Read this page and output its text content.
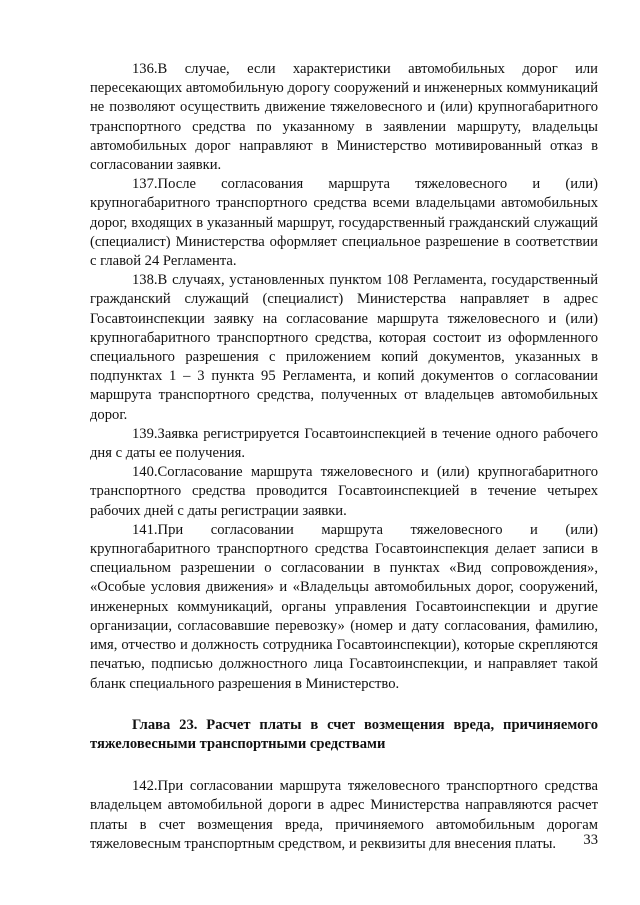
136.В случае, если характеристики автомобильных дорог или пересекающих автомобильную дорогу сооружений и инженерных коммуникаций не позволяют осуществить движение тяжеловесного и (или) крупногабаритного транспортного средства по указанному в заявлении маршруту, владельцы автомобильных дорог направляют в Министерство мотивированный отказ в согласовании заявки.

137.После согласования маршрута тяжеловесного и (или) крупногабаритного транспортного средства всеми владельцами автомобильных дорог, входящих в указанный маршрут, государственный гражданский служащий (специалист) Министерства оформляет специальное разрешение в соответствии с главой 24 Регламента.

138.В случаях, установленных пунктом 108 Регламента, государственный гражданский служащий (специалист) Министерства направляет в адрес Госавтоинспекции заявку на согласование маршрута тяжеловесного и (или) крупногабаритного транспортного средства, которая состоит из оформленного специального разрешения с приложением копий документов, указанных в подпунктах 1 – 3 пункта 95 Регламента, и копий документов о согласовании маршрута транспортного средства, полученных от владельцев автомобильных дорог.

139.Заявка регистрируется Госавтоинспекцией в течение одного рабочего дня с даты ее получения.

140.Согласование маршрута тяжеловесного и (или) крупногабаритного транспортного средства проводится Госавтоинспекцией в течение четырех рабочих дней с даты регистрации заявки.

141.При согласовании маршрута тяжеловесного и (или) крупногабаритного транспортного средства Госавтоинспекция делает записи в специальном разрешении о согласовании в пунктах «Вид сопровождения», «Особые условия движения» и «Владельцы автомобильных дорог, сооружений, инженерных коммуникаций, органы управления Госавтоинспекции и другие организации, согласовавшие перевозку» (номер и дату согласования, фамилию, имя, отчество и должность сотрудника Госавтоинспекции), которые скрепляются печатью, подписью должностного лица Госавтоинспекции, и направляет такой бланк специального разрешения в Министерство.

Глава 23. Расчет платы в счет возмещения вреда, причиняемого тяжеловесными транспортными средствами

142.При согласовании маршрута тяжеловесного транспортного средства владельцем автомобильной дороги в адрес Министерства направляются расчет платы в счет возмещения вреда, причиняемого автомобильным дорогам тяжеловесным транспортным средством, и реквизиты для внесения платы.	33
